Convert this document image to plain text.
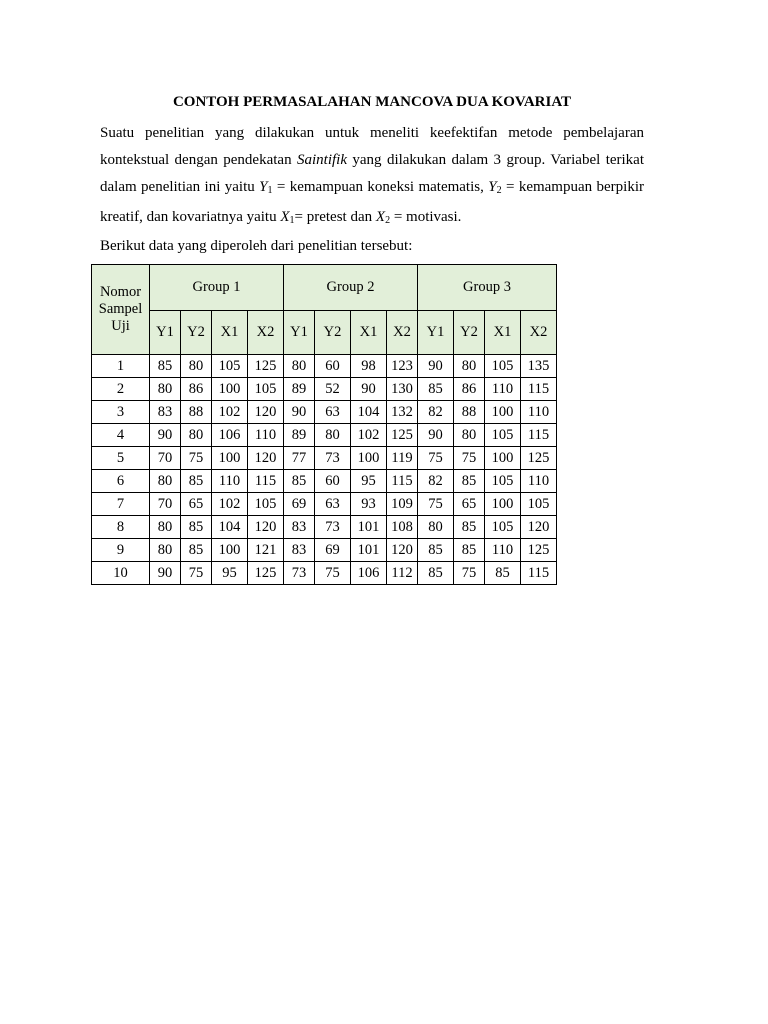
CONTOH PERMASALAHAN MANCOVA DUA KOVARIAT

Suatu penelitian yang dilakukan untuk meneliti keefektifan metode pembelajaran kontekstual dengan pendekatan Saintifik yang dilakukan dalam 3 group. Variabel terikat dalam penelitian ini yaitu $Y_1$ = kemampuan koneksi matematis, $Y_2$ = kemampuan berpikir kreatif, dan kovariatnya yaitu $X_1=$ pretest dan $X_2$ = motivasi.

Berikut data yang diperoleh dari penelitian tersebut:

Nomor Sampel Uji	Group 1				Group 2				Group 3			
	Y1	Y2	X1	X2	Y1	Y2	X1	X2	Y1	Y2	X1	X2
1	85	80	105	125	80	60	98	123	90	80	105	135
2	80	86	100	105	89	52	90	130	85	86	110	115
3	83	88	102	120	90	63	104	132	82	88	100	110
4	90	80	106	110	89	80	102	125	90	80	105	115
5	70	75	100	120	77	73	100	119	75	75	100	125
6	80	85	110	115	85	60	95	115	82	85	105	110
7	70	65	102	105	69	63	93	109	75	65	100	105
8	80	85	104	120	83	73	101	108	80	85	105	120
9	80	85	100	121	83	69	101	120	85	85	110	125
10	90	75	95	125	73	75	106	112	85	75	85	115
